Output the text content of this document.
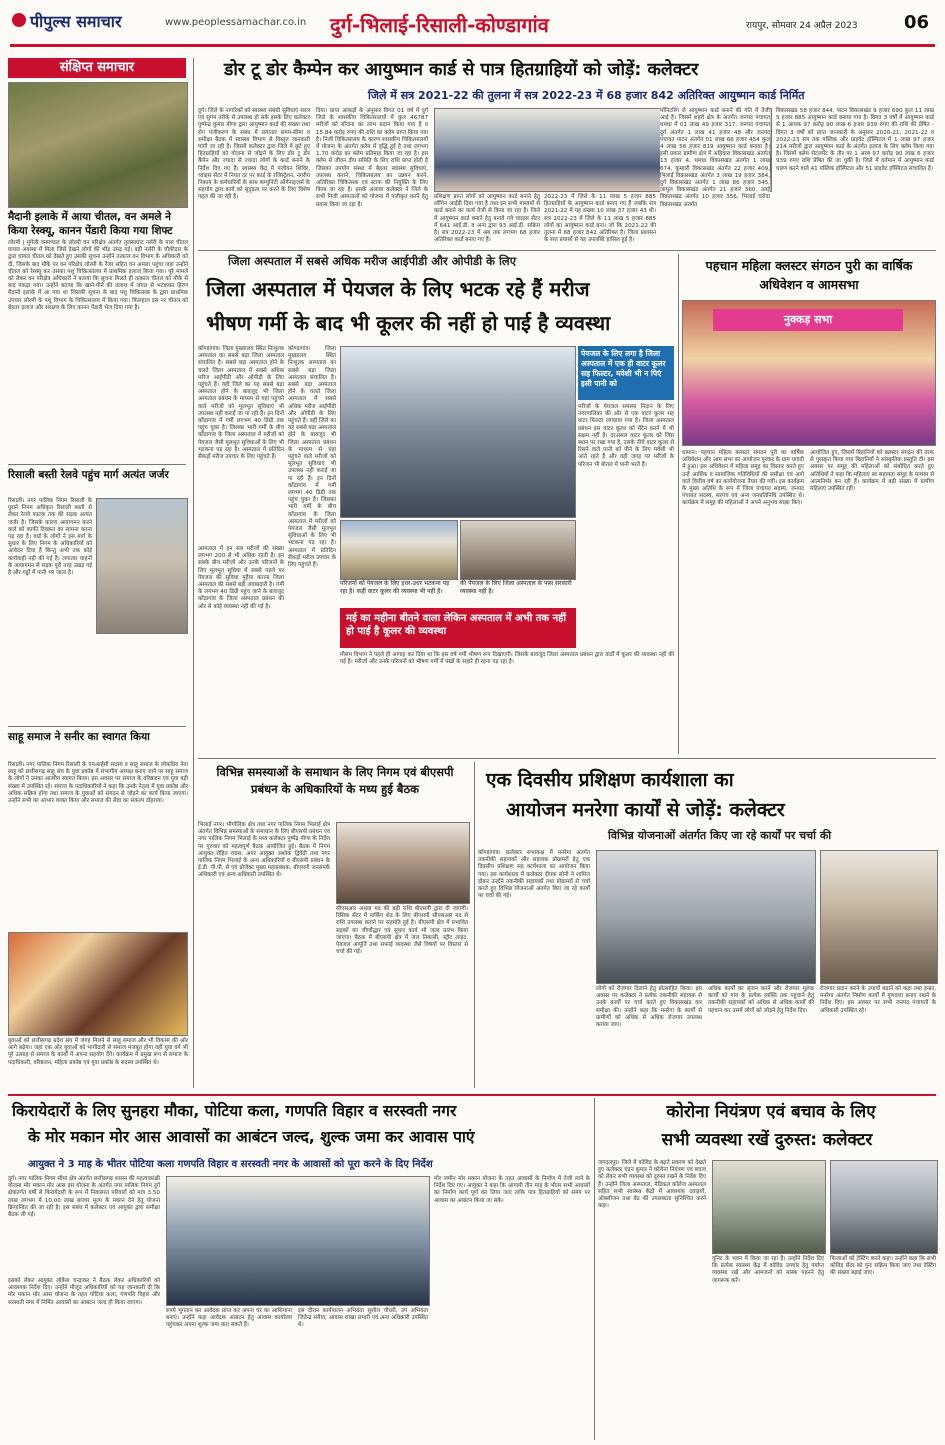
पीपुल्स समाचार	www.peoplessamachar.co.in दुर्ग-भिलाई-रिसाली-कोण्डागांव	रायपुर, सोमवार 24 अप्रैल 2023	06
संक्षिप्त समाचार
मैदानी इलाके में आया चीतल, वन अमले ने किया रेस्क्यू, कानन पेंडारी किया गया शिफ्ट
लोरमी | मुंगेली वनमण्डल के लोरमी वन परिक्षेत्र अंतर्गत तुलसाघाट नर्सरी के पास चीतल घायल अवस्था में मिला जिसे देखने लोगों की भीड़ उमड़ गई। वहीं नर्सरी के चौकीदार के द्वारा घायल चीतल को देखते हुए उसकी सूचना उन्होंने तत्काल वन विभाग के अधिकारी को दी, जिसके बाद मौके पर वन परिक्षेत्र लोरमी के रेंजर सहित वन अमला पहुंचा जहां उन्होंने चीतल को रेस्क्यू कर उसका पशु चिकित्सालय में प्राथमिक इलाज किया गया। पूरे मामले को लेकर वन परिक्षेत्र अधिकारी ने बताया कि सूचना मिलते ही तत्काल चीतल को मौके से बाद पकड़ा गया। उन्होंने बताया कि खाने-पीने की तलाश में जंगल से भटककर हिरण मैदानी इलाके में आ गया था जिसकी सूचना के बाद पशु चिकित्सक के द्वारा प्राथमिक उपचार लोरमी के पशु विभाग के चिकित्सालय में किया गया। फिलहाल इस नर चीतल को बेहतर इलाज और संरक्षण के लिए कानन पेंडारी भेज दिया गया है।
रिसाली बस्ती रेलवे पहुंच मार्ग अत्यंत जर्जर
रिसाली। नगर पालिक निगम रिसाली के पुराने निगम अधिकृत रिसाली बस्ती से लेकर रेलवे फाटक तक की सड़क अत्यंत जर्जर है। जिसके कारण आवागमन करने वाले को काफी दिक्कत का सामना करना पड़ रहा है। वार्ड के लोगों ने इस मार्ग के सुधार के लिए निगम के अधिकारियों को आवेदन दिया है किन्तु अभी तक कोई कार्यवाही नहीं की गई है। लगातार वाहनों के आवागमन से सड़क पूरी तरह उखड़ गई है और गड्ढों में पानी भर जाता है।
साहू समाज ने सनीर का स्वागत किया
रिसाली। नगर पालिक निगम रिसाली के एमआईसी सदस्य व साहू समाज के लोकप्रिय नेता साहू को छत्तीसगढ़ साहू संघ के युवा प्रकोष्ठ में संभागीय अध्यक्ष बनाए जाने पर साहू समाज के लोगों ने उनका आत्मीय स्वागत किया। इस अवसर पर समाज के वरिष्ठजन एवं युवा बड़ी संख्या में उपस्थित रहे। समाज के पदाधिकारियों ने कहा कि उनके नेतृत्व में युवा प्रकोष्ठ और अधिक सक्रिय होगा तथा समाज के युवाओं को संगठन से जोड़ने का कार्य किया जाएगा। उन्होंने सभी का आभार व्यक्त किया और समाज की सेवा का संकल्प दोहराया।
युवाओं को छत्तीसगढ़ प्रदेश संघ में जगह मिलने से साहू समाज और भी विकास की ओर आगे बढ़ेगा। जहां एक ओर युवाओं को भागीदारी से समाज मजबूत होगा वहीं युवा वर्ग भी पूरे उत्साह से समाज के कार्यों में अपना सहयोग देंगे। कार्यक्रम में प्रमुख रूप से समाज के पदाधिकारी, वरिष्ठजन, महिला प्रकोष्ठ एवं युवा प्रकोष्ठ के सदस्य उपस्थित थे।
डोर टू डोर कैम्पेन कर आयुष्मान कार्ड से पात्र हितग्राहियों को जोड़ें: कलेक्टर
जिले में सत्र 2021-22 की तुलना में सत्र 2022-23 में 68 हजार 842 अतिरिक्त आयुष्मान कार्ड निर्मित
दुर्ग। जिले के नागरिकों को स्वास्थ्य संबंधी सुविधाएं सरल एवं सुगम तरीके से उपलब्ध हो सके इसके लिए कलेक्टर पुष्पेन्द्र कुमार मीणा द्वारा आयुष्मान कार्ड की संख्या तथा रोग पंजीकरण के संबंध में लगातार समय-सीमा व समीक्षा बैठक में स्वास्थ्य विभाग से विस्तृत जानकारी मांगी जा रही है। जिसमें कलेक्टर द्वारा जिले में छूटे हुए हितग्राहियों को योजना से जोड़ने के लिए डोर टू डोर कैंपेन और ज्यादा से ज्यादा लोगों के कार्ड बनाने के निर्देश दिए गए हैं। स्वास्थ्य केंद्र में पंजीयन शिविर, च्वाइस सेंटर में नियत दर पर कार्ड के रजिस्ट्रेशन, नगरीय निकाय के कर्मचारियों के साथ कम्युनिटी ऑर्गनाइजर्स के सहयोग द्वारा कार्य को सुदृढ़ता पर करने के लिए विशेष पहल की जा रही है।
दिया। प्राप्त आंकड़ों के अनुसार विगत 01 वर्ष में दुर्ग जिले के शासकीय चिकित्सालयों में कुल 46787 मरीजों को योजना का लाभ प्रदान किया गया है व 15.84 करोड़ रुपए की राशि का क्लेम प्राप्त किया गया है। निजी चिकित्सालय के कारण शासकीय चिकित्सालयों में योजना के अंतर्गत क्लेम में वृद्धि हुई है तथा लगभग 1.70 करोड़ का क्लेम प्रतिमाह किया जा रहा है। इस क्लेम से जीवन दीप समिति के लिए राशि प्राप्त होती है जिसका उपयोग संस्था में बेहतर स्वास्थ्य सुविधाएं, उपलब्ध कराने, चिकित्सालय का उन्नयन करने, अतिरिक्त चिकित्सक एवं स्टाफ की नियुक्ति के लिए किया जा रहा है। इसके अलावा कलेक्टर ने जिले के सभी निजी अस्पतालों को योजना में पंजीकृत करने हेतु प्रयास किया जा रहा है।
प्रशिक्षण प्राप्त लोगों को आयुष्मान कार्ड बनाने हेतु लॉगिन आईडी दिया गया है तथा इन सभी माध्यमों से कार्ड बनाने का कार्य तेजी से किया जा रहा है। जिले में आयुष्मान कार्ड बनाने हेतु बनाये गये च्वाइस सेंटर में 641 आई.डी. व अन्य द्वारा 93 आई.डी. सक्रिय है। सत्र 2022-23 में अब तक लगभग 68 हजार अतिरिक्त कार्ड बनाए गए हैं।
2022-23 में जिले के 11 लाख 5 हजार 885 हितग्राहियों के आयुष्मान कार्ड बनाए गए हैं जबकि सत्र 2021-22 में यह संख्या 10 लाख 37 हजार 43 थी। सत्र 2022-23 में जिले के 11 लाख 5 हजार 885 लोगों का आयुष्मान कार्ड बना। जो कि 2021-22 की तुलना में 68 हजार 842 अतिरिक्त है। जिला प्रशासन के सत्त प्रयासों से यह उपलब्धि हासिल हुई है।
मॉनिटरिंग से आयुष्मान कार्ड बनाने की गति में तेजी आई है। जिसमें शहरी क्षेत्र के अंतर्गत जनपद पंचायत धमधा में 01 लाख 49 हजार 317, जनपद पंचायत दुर्ग अंतर्गत 1 लाख 41 हजार 48 और जनपद पंचायत पाटन अंतर्गत 01 लाख 66 हजार 454 कुल 4 लाख 56 हजार 819 आयुष्मान कार्ड बनाया है। इसी प्रकार ग्रामीण क्षेत्र में अहिवारा विकासखंड अंतर्गत 13 हजार 4, धमधा विकासखंड अंतर्गत 1 लाख 674, कुम्हारी विकासखंड अंतर्गत 22 हजार 409, भिलाई विकासखंड अंतर्गत 3 लाख 19 हजार 384, दुर्ग विकासखंड अंतर्गत 1 लाख 86 हजार 345, जामुल विकासखंड अंतर्गत 21 हजार 360, उतई विकासखंड अंतर्गत 10 हजार 356, भिलाई चरोदा विकासखंड अंतर्गत
विकासखंड 58 हजार 844, पाटन विकासखंड 9 हजार 690 कुल 11 लाख 5 हजार 885 आयुष्मान कार्ड बनाया गया है। विगत 3 वर्षों में आयुष्मान कार्ड से 1 आयक 97 करोड़ 90 लाख 6 हजार 939 रुपए की राशि की प्रेषित - विगत 3 वर्षों को प्राप्त जानकारी के अनुसार 2020-21, 2021-22 व 2022-23 सत्र तक पब्लिक और प्राइवेट हॉस्पिटल में 1 लाख 97 हजार 214 मरीजों द्वारा आयुष्मान कार्ड के अंतर्गत इलाज के लिए क्लेम किया गया है। जिसमें क्लेम सेटलमेंट के तौर पर 1 अरब 97 करोड़ 90 लाख 6 हजार 939 रुपए राशि प्रेषित की जा चुकी है। जिले में वर्तमान में आयुष्मान कार्ड धारण करने वाले 41 पब्लिक हॉस्पिटल और 51 प्राइवेट हॉस्पिटल संचालित हैं।
जिला अस्पताल में सबसे अधिक मरीज आईपीडी और ओपीडी के लिए
जिला अस्पताल में पेयजल के लिए भटक रहे हैं मरीज
भीषण गर्मी के बाद भी कूलर की नहीं हो पाई है व्यवस्था
कोण्डागांव। जिला मुख्यालय स्थित निःशुल्क अस्पताल का सबसे बड़ा जिला अस्पताल संचालित है। सबसे बड़ा अस्पताल होने के चलते जिला अस्पताल में सबसे अधिक मरीज आईपीडी और ओपीडी के लिए पहुंचते हैं। वहीं जिले का यह सबसे बड़ा अस्पताल होने के बावजूद भी जिला अस्पताल प्रबंधन के माध्यम से यहां पहुंचने वाले मरीजों को मूलभूत सुविधाएं भी उपलब्ध नहीं कराई जा पा रही हैं। इन दिनों कोंडागांव में गर्मी लगभग 40 डिग्री तक पहुंच चुका है। जिसका भारी गर्मी के बीच कोंडागांव के जिला अस्पताल में मरीजों को पेयजल जैसी मूलभूत सुविधाओं के लिए भी भटकना पड़ रहा है। अस्पताल में प्रतिदिन सैकड़ों मरीज उपचार के लिए पहुंचते हैं।
अस्पताल में इन सब मरीजों की संख्या लगभग 200 से भी अधिक रहती है। इन सबके बीच मरीजों और उनके परिजनों के लिए मूलभूत सुविधा में सबसे पहले पर पेयजल की सुविधा मुहैया कराना जिला अस्पताल की सबसे बड़ी जवाबदारी है। गर्मी के लगभग 40 डिग्री पहुंच जाने के बावजूद कोंडागांव के जिला अस्पताल प्रबंधन की ओर से कोई व्यवस्था नहीं की गई है।
कोण्डागांव। जिला मुख्यालय स्थित निःशुल्क अस्पताल का सबसे बड़ा जिला अस्पताल संचालित है। सबसे बड़ा अस्पताल होने के चलते जिला अस्पताल में सबसे अधिक मरीज आईपीडी और ओपीडी के लिए पहुंचते हैं। वहीं जिले का यह सबसे बड़ा अस्पताल होने के बावजूद भी जिला अस्पताल प्रबंधन के माध्यम से यहां पहुंचने वाले मरीजों को मूलभूत सुविधाएं भी उपलब्ध नहीं कराई जा पा रही हैं। इन दिनों कोंडागांव में गर्मी लगभग 40 डिग्री तक पहुंच चुका है। जिसका भारी गर्मी के बीच कोंडागांव के जिला अस्पताल में मरीजों को पेयजल जैसी मूलभूत सुविधाओं के लिए भी भटकना पड़ रहा है। अस्पताल में प्रतिदिन सैकड़ों मरीज उपचार के लिए पहुंचते हैं।
परिजनों को पेयजल के लिए इधर-उधर भटकना पड़ रहा है। कहीं वाटर कूलर की व्यवस्था भी नहीं है।
की पेयजल के लिए जिला अस्पताल के पास सरकारी व्यवस्था नहीं है।
पेयजल के लिए लगा है जिला अस्पताल में एक ही वाटर कूलर सह फिल्टर, मवेशी भी न पिएं इसी पानी को
मरीजों के पेयजल समस्या निदान के लिए नगरपालिका की ओर से एक वाटर कूलर सह वाटर फिल्टर लगवाया गया है। जिला अस्पताल प्रबंधन इस वाटर कूलर को मेंटेन करने में भी सक्षम नहीं है। दरअसल वाटर कूलर को जिस स्थान पर रखा गया है, उसके नीचे वाटर कूलर से रिसने वाले पानी को पीने के लिए मवेशी भी आते रहते हैं और वहीं जगह पर मरीजों के परिजन भी बोतल में पानी भरते हैं।
मई का महीना बीतने वाला लेकिन अस्पताल में अभी तक नहीं हो पाई है कूलर की व्यवस्था
मौसम विभाग ने पहले ही आगाह कर दिया था कि इस वर्ष गर्मी भीषण रूप दिखाएगी। जिसके बावजूद जिला अस्पताल प्रबंधन द्वारा वार्डों में कूलर की व्यवस्था नहीं की गई है। मरीजों और उनके परिजनों को भीषण गर्मी में पंखों के सहारे ही रहना पड़ रहा है।
पहचान महिला क्लस्टर संगठन पुरी का वार्षिक अधिवेशन व आमसभा
नुक्कड़ सभा
धामान। पहचान महिला क्लस्टर संगठन पुरी का वार्षिक अधिवेशन और आम सभा का आयोजन पुरवार के ग्राम चावदी में हुआ। इस अधिवेशन में महिला समूह का विस्तार करते हुए उन्हें आर्थिक व सामाजिक गतिविधियों की समीक्षा एवं आगे वाले वित्तीय वर्ष का कार्ययोजना तैयार की गयी। इस कार्यक्रम के मुख्य अतिथि के रूप में जिला पंचायत सदस्य, जनपद पंचायत सदस्य, सरपंच एवं अन्य जनप्रतिनिधि उपस्थित थे। कार्यक्रम में समूह की महिलाओं ने अपने अनुभव साझा किए।
आयोजित हुए, जिसमें बिहानियों को क्लस्टर संगठन की तरफ से पुरस्कृत किया गया बिहानियों ने सांस्कृतिक प्रस्तुति दी। इस अवसर पर समूह की महिलाओं को संबोधित करते हुए अतिथियों ने कहा कि महिलाएं स्व सहायता समूह के माध्यम से आत्मनिर्भर बन रही हैं। कार्यक्रम में बड़ी संख्या में ग्रामीण महिलाएं उपस्थित रहीं।
विभिन्न समस्याओं के समाधान के लिए निगम एवं बीएसपी प्रबंधन के अधिकारियों के मध्य हुई बैठक
भिलाई नगर। भौगोलिक क्षेत्र तथा नगर पालिक निगम भिलाई क्षेत्र अंतर्गत विभिन्न समस्याओं के समाधान के लिए बीएसपी प्रबंधन एवं नगर पालिक निगम भिलाई के मध्य कलेक्टर पुष्पेंद्र मीणा के निर्देश पर गुरुवार को महत्वपूर्ण बैठक आयोजित हुई। बैठक में निगम आयुक्त रोहित व्यास, अपर आयुक्त अशोक द्विवेदी तथा नगर पालिक निगम भिलाई के अन्य अधिकारियों व बीएसपी प्रबंधन के ई.डी. पी.पी. से एवं प्रोजेक्ट मुख्य महाप्रबंधक, बीएसपी जनसंपर्क अधिकारी एवं अन्य अधिकारी उपस्थित थे।
सीएसआर अथवा मद की बड़ी राशि बीएसपी द्वारा दी जाएगी। रिसिक सेंटर में पार्किंग शेड के लिए बीएसपी सीएसआर मद से राशि उपलब्ध कराने पर सहमति हुई है। बीएसपी क्षेत्र में प्रभावित सड़कों का जीर्णोद्धार एवं सुधार कार्य भी जल्द प्रारंभ किया जाएगा। बैठक में बीएसपी क्षेत्र में जल निकासी, स्ट्रीट लाइट, पेयजल आपूर्ति तथा सफाई व्यवस्था जैसे विषयों पर विस्तार से चर्चा की गई।
एक दिवसीय प्रशिक्षण कार्यशाला का
आयोजन मनरेगा कार्यों से जोड़ें: कलेक्टर
विभिन्न योजनाओं अंतर्गत किए जा रहे कार्यों पर चर्चा की
कोण्डागांव। कलेक्टर सभाकक्ष में मनरेगा अंतर्गत तकनीकी सहायकों और सहायक प्रोग्रामरों हेतु एक दिवसीय प्रशिक्षण सह कार्यशाला का आयोजन किया गया। इस कार्यशाला में कलेक्टर दीपक सोनी ने शामिल होकर उन्होंने तकनीकी सहायकों तथा प्रोग्रामरों से चर्चा करते हुए विभिन्न योजनाओं अंतर्गत किए जा रहे कार्यों पर चर्चा की गई।
लोगों को रोजगार दिलाने हेतु प्रोत्साहित किया। इस अवसर पर कलेक्टर ने प्रत्येक तकनीकी सहायक से उनके कार्यों पर चर्चा करते हुए विकासखंड वार समीक्षा की। उन्होंने कहा कि मनरेगा के कार्यों से ग्रामीणों को अधिक से अधिक रोजगार उपलब्ध कराया जाए।
अधिक कार्यों का सृजन करने और रोजगार मूलक कार्यों को गांव के प्रत्येक व्यक्ति तक पहुंचाने हेतु तकनीकी सहायकों को अधिक से अधिक कार्यों की पहचान कर उसमें लोगों को जोड़ने हेतु निर्देश दिए।
रोजगार प्रदान करने के उपायों बढ़ाने को कहा तथा इन्फ्रा, मनरेगा अंतर्गत निर्माण कार्यों में गुणवत्ता बनाए रखने के निर्देश दिए। इस अवसर पर सभी जनपद पंचायतों के अधिकारी उपस्थित रहे।
किरायेदारों के लिए सुनहरा मौका, पोटिया कला, गणपति विहार व सरस्वती नगर
के मोर मकान मोर आस आवासों का आबंटन जल्द, शुल्क जमा कर आवास पाएं
आयुक्त ने 3 माह के भीतर पोटिया कला गणपति विहार व सरस्वती नगर के आवासों को पूरा करने के दिए निर्देश
दुर्ग। नगर पालिक निगम सीमा क्षेत्र अंतर्गत छत्तीसगढ़ शासन की महत्वाकांक्षी योजना मोर मकान मोर आस इस योजना के अंतर्गत नगर पालिक निगम दुर्ग क्षेत्रांतर्गत वर्षों से किरायेदारी के रूप में निवासरत परिवारों को मात्र 3.50 लाख लगभग में 10.00 लाख बाजार मूल्य के मकान देने हेतु योजना क्रियान्वित की जा रही है। इस संबंध में कलेक्टर एवं आयुक्त द्वारा समीक्षा बैठक ली गई।
इसको लेकर आयुक्त लोकेश चन्द्राकर ने बैठक लेकर अधिकारियों को आवश्यक निर्देश दिए। उन्होंने मौजूद अधिकारियों को यह जानकारी दी कि मोर मकान मोर आस योजना के तहत पोटिया कला, गणपति विहार और सरस्वती नगर में निर्मित आवासों का आबंटन जल्द ही किया जाएगा।
रुपये भुगतान कर आवेदक प्राप्त कर अपना घर का आशियाना बनाएं। उन्होंने कहा आवेदक आबंटन हेतु आवास कार्यालय पहुंचकर अपना शुल्क जमा करा सकते हैं।
इस दौरान कार्यपालन अभियंता सुशील चौधरी, उप अभियंता जितेन्द्र समैया, आवास शाखा प्रभारी एवं अन्य अधिकारी उपस्थित थे।
मोर जमीन मोर मकान योजना के तहत आवासों के निर्माण में तेजी लाने के निर्देश दिए गए। आयुक्त ने कहा कि आगामी तीन माह के भीतर सभी आवासों का निर्माण कार्य पूर्ण कर लिया जाए ताकि पात्र हितग्राहियों को समय पर आवास का आबंटन किया जा सके।
कोरोना नियंत्रण एवं बचाव के लिए
सभी व्यवस्था रखें दुरुस्त: कलेक्टर
जगदलपुर। जिले में कोविड के बढ़ते प्रकरण को देखते हुए कलेक्टर चंदन कुमार ने कोरोना नियंत्रण एवं बचाव को लेकर सभी व्यवस्था को दुरुस्त रखने के निर्देश दिए हैं। उन्होंने जिला अस्पताल, मेडिकल कॉलेज अस्पताल सहित सभी स्वास्थ्य केंद्रों में आवश्यक दवाइयों, ऑक्सीजन तथा बेड की उपलब्धता सुनिश्चित करने कहा।
यूनिट के भवन में किया जा रहा है। उन्होंने निर्देश दिए कि प्रत्येक स्वास्थ्य केंद्र में कोविड उपचार हेतु पर्याप्त व्यवस्था रखें और आमजनों को मास्क पहनने हेतु जागरूक करें।
फिजाओं को टेस्टिंग करने कहा। उन्होंने कहा कि सभी कोविड सेंटर को पुनः सक्रिय किया जाए तथा टेस्टिंग की संख्या बढ़ाई जाए।
